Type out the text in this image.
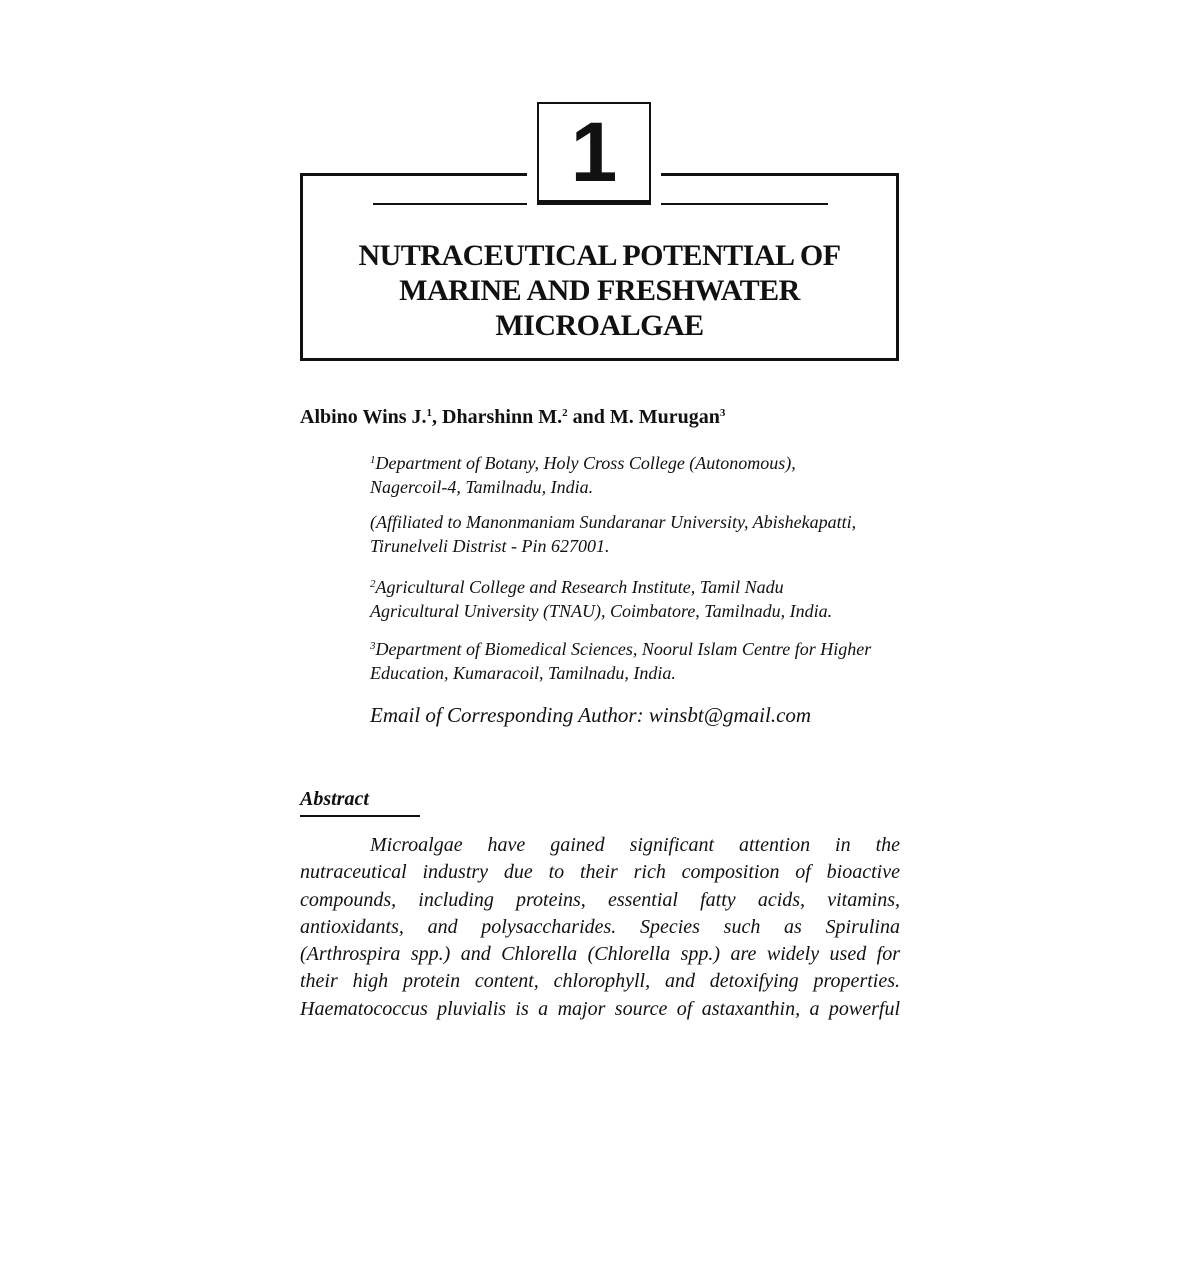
1
NUTRACEUTICAL POTENTIAL OF
MARINE AND FRESHWATER
MICROALGAE
Albino Wins J.$^1$, Dharshinn M.$^2$ and M. Murugan$^3$
$^1$Department of Botany, Holy Cross College (Autonomous),
Nagercoil-4, Tamilnadu, India.
(Affiliated to Manonmaniam Sundaranar University, Abishekapatti,
Tirunelveli Distrist - Pin 627001.
$^2$Agricultural College and Research Institute, Tamil Nadu
Agricultural University (TNAU), Coimbatore, Tamilnadu, India.
$^3$Department of Biomedical Sciences, Noorul Islam Centre for Higher
Education, Kumaracoil, Tamilnadu, India.
Email of Corresponding Author: winsbt@gmail.com
Abstract
Microalgae have gained significant attention in the
nutraceutical industry due to their rich composition of bioactive
compounds, including proteins, essential fatty acids, vitamins,
antioxidants, and polysaccharides. Species such as Spirulina
(Arthrospira spp.) and Chlorella (Chlorella spp.) are widely used for
their high protein content, chlorophyll, and detoxifying properties.
Haematococcus pluvialis is a major source of astaxanthin, a powerful
